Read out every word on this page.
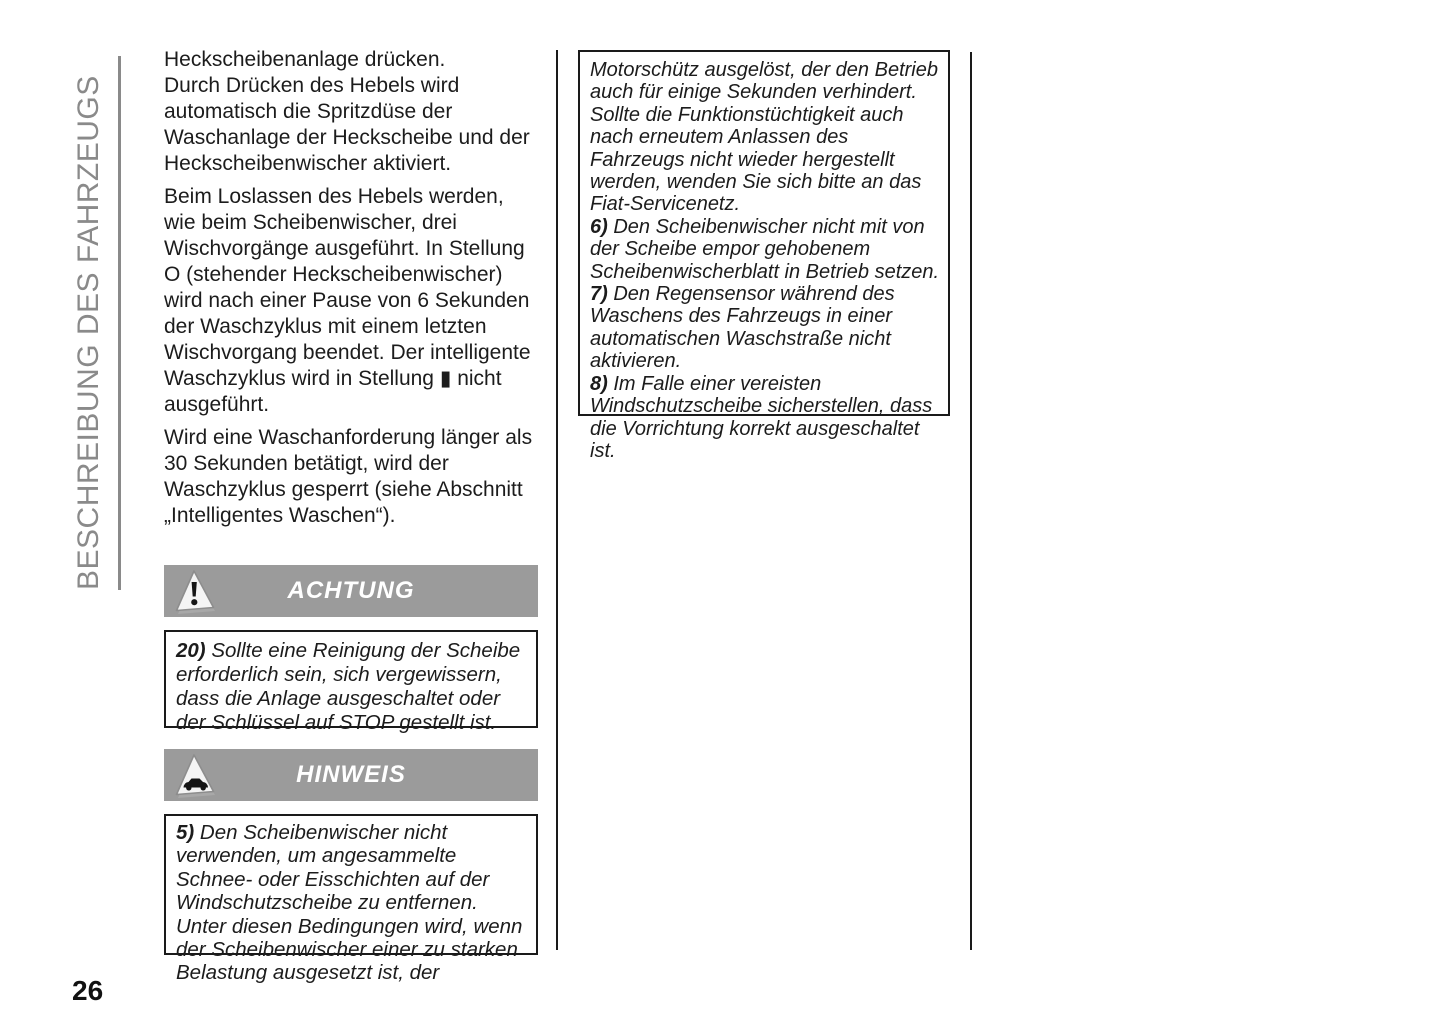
BESCHREIBUNG DES FAHRZEUGS

Heckscheibenanlage drücken.

Durch Drücken des Hebels wird automatisch die Spritzdüse der Waschanlage der Heckscheibe und der Heckscheibenwischer aktiviert.

Beim Loslassen des Hebels werden, wie beim Scheibenwischer, drei Wischvorgänge ausgeführt. In Stellung O (stehender Heckscheibenwischer) wird nach einer Pause von 6 Sekunden der Waschzyklus mit einem letzten Wischvorgang beendet. Der intelligente Waschzyklus wird in Stellung ▮ nicht ausgeführt.

Wird eine Waschanforderung länger als 30 Sekunden betätigt, wird der Waschzyklus gesperrt (siehe Abschnitt „Intelligentes Waschen“).

ACHTUNG

20) Sollte eine Reinigung der Scheibe erforderlich sein, sich vergewissern, dass die Anlage ausgeschaltet oder der Schlüssel auf STOP gestellt ist.

HINWEIS

5) Den Scheibenwischer nicht verwenden, um angesammelte Schnee- oder Eisschichten auf der Windschutzscheibe zu entfernen. Unter diesen Bedingungen wird, wenn der Scheibenwischer einer zu starken Belastung ausgesetzt ist, der

Motorschütz ausgelöst, der den Betrieb auch für einige Sekunden verhindert. Sollte die Funktionstüchtigkeit auch nach erneutem Anlassen des Fahrzeugs nicht wieder hergestellt werden, wenden Sie sich bitte an das Fiat-Servicenetz.

6) Den Scheibenwischer nicht mit von der Scheibe empor gehobenem Scheibenwischerblatt in Betrieb setzen.

7) Den Regensensor während des Waschens des Fahrzeugs in einer automatischen Waschstraße nicht aktivieren.

8) Im Falle einer vereisten Windschutzscheibe sicherstellen, dass die Vorrichtung korrekt ausgeschaltet ist.

26
